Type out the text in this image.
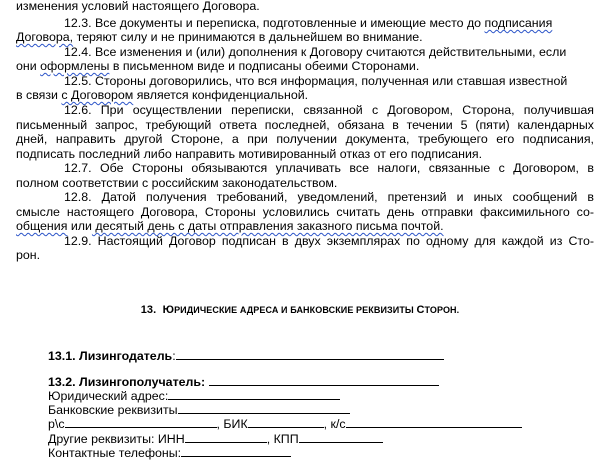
изменения условий настоящего Договора.
12.3. Все документы и переписка, подготовленные и имеющие место до подписания
Договора, теряют силу и не принимаются в дальнейшем во внимание.
12.4. Все изменения и (или) дополнения к Договору считаются действительными, если
они оформлены в письменном виде и подписаны обеими Сторонами.
12.5. Стороны договорились, что вся информация, полученная или ставшая известной
в связи с Договором является конфиденциальной.
12.6. При осуществлении переписки, связанной с Договором, Сторона, получившая
письменный запрос, требующий ответа последней, обязана в течении 5 (пяти) календарных
дней, направить другой Стороне, а при получении документа, требующего его подписания,
подписать последний либо направить мотивированный отказ от его подписания.
12.7. Обе Стороны обязываются уплачивать все налоги, связанные с Договором, в
полном соответствии с российским законодательством.
12.8. Датой получения требований, уведомлений, претензий и иных сообщений в
смысле настоящего Договора, Стороны условились считать день отправки факсимильного со-
общения или десятый день с даты отправления заказного письма почтой.
12.9. Настоящий Договор подписан в двух экземплярах по одному для каждой из Сто-
рон.
13. ЮРИДИЧЕСКИЕ АДРЕСА И БАНКОВСКИЕ РЕКВИЗИТЫ СТОРОН.
13.1. Лизингодатель:
13.2. Лизингополучатель:
Юридический адрес:
Банковские реквизиты
р\с	, БИК	, к/с
Другие реквизиты: ИНН	, КПП
Контактные телефоны:
